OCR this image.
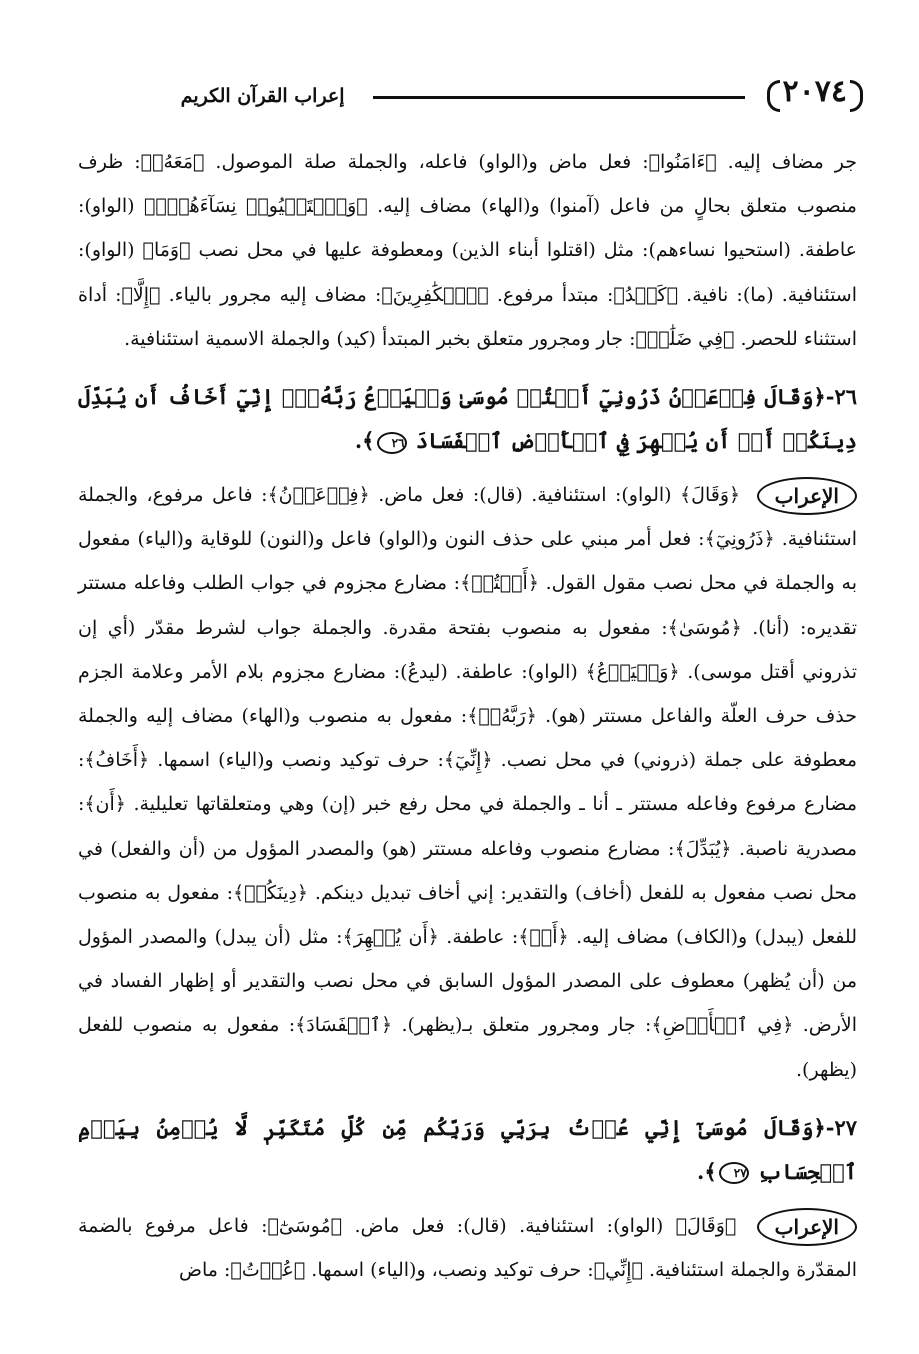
٢٠٧٤
إعراب القرآن الكريم

جر مضاف إليه. ﴿ءَامَنُوا﴾: فعل ماض و(الواو) فاعله، والجملة صلة الموصول. ﴿مَعَهُۥ﴾: ظرف منصوب متعلق بحالٍ من فاعل (آمنوا) و(الهاء) مضاف إليه. ﴿وَٱسۡتَحۡيُوا۟ نِسَآءَهُمۡۚ﴾ (الواو): عاطفة. (استحيوا نساءهم): مثل (اقتلوا أبناء الذين) ومعطوفة عليها في محل نصب ﴿وَمَا﴾ (الواو): استئنافية. (ما): نافية. ﴿كَيۡدُ﴾: مبتدأ مرفوع. ﴿ٱلۡكَٰفِرِينَ﴾: مضاف إليه مجرور بالياء. ﴿إِلَّا﴾: أداة استثناء للحصر. ﴿فِي ضَلَٰلٖ﴾: جار ومجرور متعلق بخبر المبتدأ (كيد) والجملة الاسمية استئنافية.

٢٦-﴿وَقَالَ فِرۡعَوۡنُ ذَرُونِيٓ أَقۡتُلۡ مُوسَىٰ وَلۡيَدۡعُ رَبَّهُۥٓۖ إِنِّيٓ أَخَافُ أَن يُبَدِّلَ دِينَكُمۡ أَوۡ أَن يُظۡهِرَ فِي ٱلۡأَرۡضِ ٱلۡفَسَادَ ٢٦﴾.

الإعراب ﴿وَقَالَ﴾ (الواو): استئنافية. (قال): فعل ماض. ﴿فِرۡعَوۡنُ﴾: فاعل مرفوع، والجملة استئنافية. ﴿ذَرُونِيٓ﴾: فعل أمر مبني على حذف النون و(الواو) فاعل و(النون) للوقاية و(الياء) مفعول به والجملة في محل نصب مقول القول. ﴿أَقۡتُلۡ﴾: مضارع مجزوم في جواب الطلب وفاعله مستتر تقديره: (أنا). ﴿مُوسَىٰ﴾: مفعول به منصوب بفتحة مقدرة. والجملة جواب لشرط مقدّر (أي إن تذروني أقتل موسى). ﴿وَلۡيَدۡعُ﴾ (الواو): عاطفة. (ليدعُ): مضارع مجزوم بلام الأمر وعلامة الجزم حذف حرف العلّة والفاعل مستتر (هو). ﴿رَبَّهُۥٓ﴾: مفعول به منصوب و(الهاء) مضاف إليه والجملة معطوفة على جملة (ذروني) في محل نصب. ﴿إِنِّيٓ﴾: حرف توكيد ونصب و(الياء) اسمها. ﴿أَخَافُ﴾: مضارع مرفوع وفاعله مستتر ـ أنا ـ والجملة في محل رفع خبر (إن) وهي ومتعلقاتها تعليلية. ﴿أَن﴾: مصدرية ناصبة. ﴿يُبَدِّلَ﴾: مضارع منصوب وفاعله مستتر (هو) والمصدر المؤول من (أن والفعل) في محل نصب مفعول به للفعل (أخاف) والتقدير: إني أخاف تبديل دينكم. ﴿دِينَكُمۡ﴾: مفعول به منصوب للفعل (يبدل) و(الكاف) مضاف إليه. ﴿أَوۡ﴾: عاطفة. ﴿أَن يُظۡهِرَ﴾: مثل (أن يبدل) والمصدر المؤول من (أن يُظهر) معطوف على المصدر المؤول السابق في محل نصب والتقدير أو إظهار الفساد في الأرض. ﴿فِي ٱلۡأَرۡضِ﴾: جار ومجرور متعلق بـ(يظهر). ﴿ٱلۡفَسَادَ﴾: مفعول به منصوب للفعل (يظهر).

٢٧-﴿وَقَالَ مُوسَىٰٓ إِنِّي عُذۡتُ بِرَبِّي وَرَبِّكُم مِّن كُلِّ مُتَكَبِّرٖ لَّا يُؤۡمِنُ بِيَوۡمِ ٱلۡحِسَابِ ٢٧﴾.

الإعراب ﴿وَقَالَ﴾ (الواو): استئنافية. (قال): فعل ماض. ﴿مُوسَىٰٓ﴾: فاعل مرفوع بالضمة المقدّرة والجملة استئنافية. ﴿إِنِّي﴾: حرف توكيد ونصب، و(الياء) اسمها. ﴿عُذۡتُ﴾: ماض
